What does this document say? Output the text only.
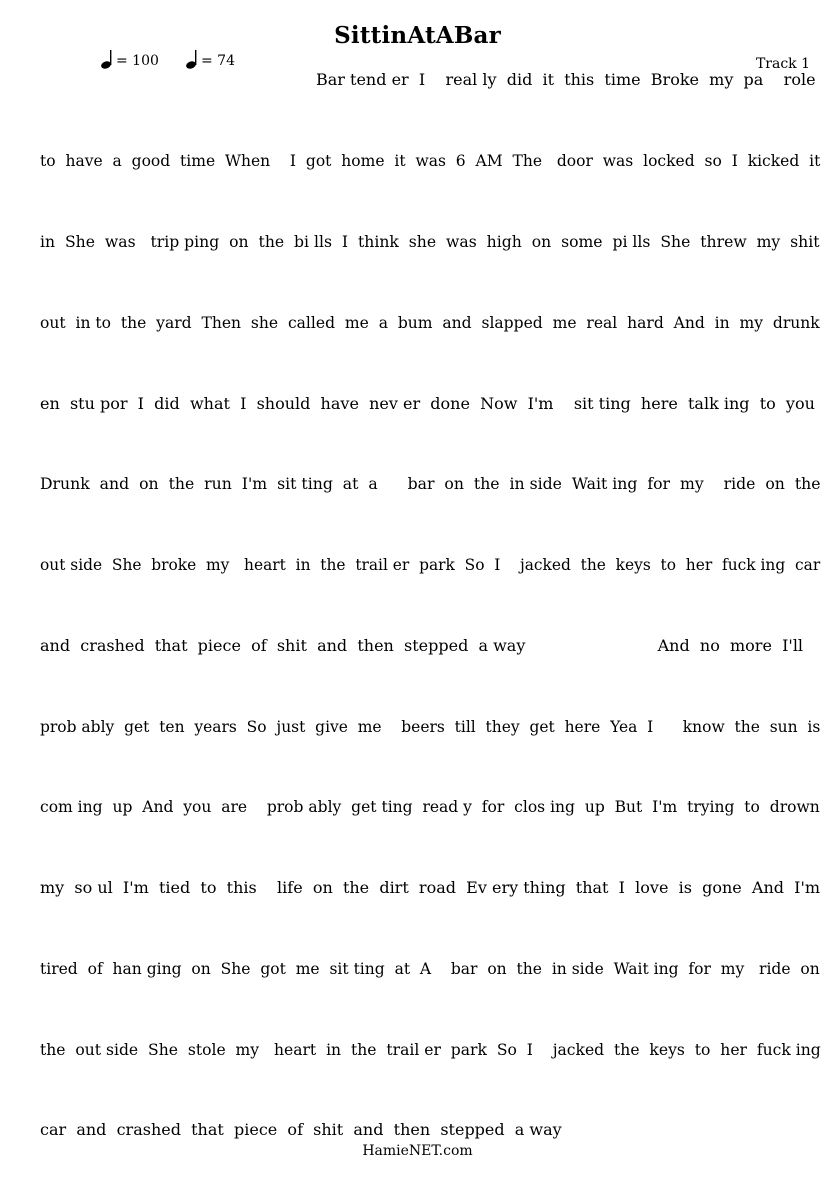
SittinAtABar
= 100	= 74	Track 1
Bar tend er  I    real ly  did  it  this  time  Broke  my  pa    role
to  have  a  good  time  When    I  got  home  it  was  6  AM  The   door  was  locked  so  I  kicked  it
in  She  was   trip ping  on  the  bi lls  I  think  she  was  high  on  some  pi lls  She  threw  my  shit
out  in to  the  yard  Then  she  called  me  a  bum  and  slapped  me  real  hard  And  in  my  drunk
en  stu por  I  did  what  I  should  have  nev er  done  Now  I'm    sit ting  here  talk ing  to  you
Drunk  and  on  the  run  I'm  sit ting  at  a      bar  on  the  in side  Wait ing  for  my    ride  on  the
out side  She  broke  my   heart  in  the  trail er  park  So  I    jacked  the  keys  to  her  fuck ing  car
and  crashed  that  piece  of  shit  and  then  stepped  a way                          And  no  more  I'll
prob ably  get  ten  years  So  just  give  me    beers  till  they  get  here  Yea  I      know  the  sun  is
com ing  up  And  you  are    prob ably  get ting  read y  for  clos ing  up  But  I'm  trying  to  drown
my  so ul  I'm  tied  to  this    life  on  the  dirt  road  Ev ery thing  that  I  love  is  gone  And  I'm
tired  of  han ging  on  She  got  me  sit ting  at  A    bar  on  the  in side  Wait ing  for  my   ride  on
the  out side  She  stole  my   heart  in  the  trail er  park  So  I    jacked  the  keys  to  her  fuck ing
car  and  crashed  that  piece  of  shit  and  then  stepped  a way
HamieNET.com
